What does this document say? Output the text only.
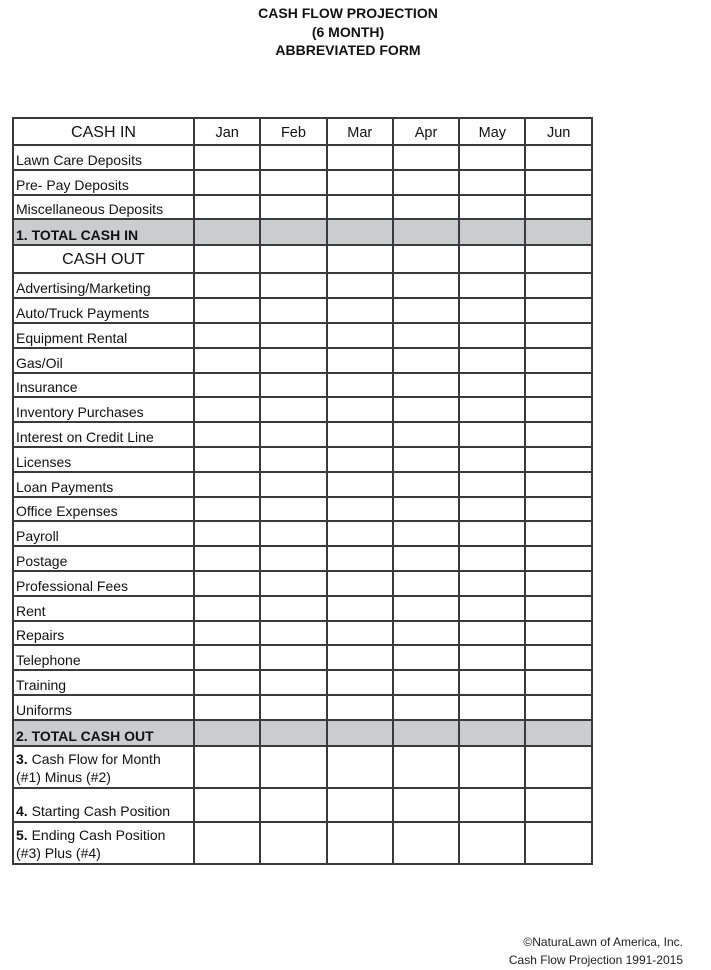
CASH FLOW PROJECTION
(6 MONTH)
ABBREVIATED FORM
CASH IN	Jan	Feb	Mar	Apr	May	Jun
Lawn Care Deposits						
Pre- Pay Deposits						
Miscellaneous Deposits						
1. TOTAL CASH IN						
CASH OUT						
Advertising/Marketing						
Auto/Truck Payments						
Equipment Rental						
Gas/Oil						
Insurance						
Inventory Purchases						
Interest on Credit Line						
Licenses						
Loan Payments						
Office Expenses						
Payroll						
Postage						
Professional Fees						
Rent						
Repairs						
Telephone						
Training						
Uniforms						
2. TOTAL CASH OUT						
3. Cash Flow for Month
(#1) Minus (#2)						

4. Starting Cash Position						
5. Ending Cash Position
(#3) Plus (#4)						

©NaturaLawn of America, Inc.
Cash Flow Projection 1991-2015
